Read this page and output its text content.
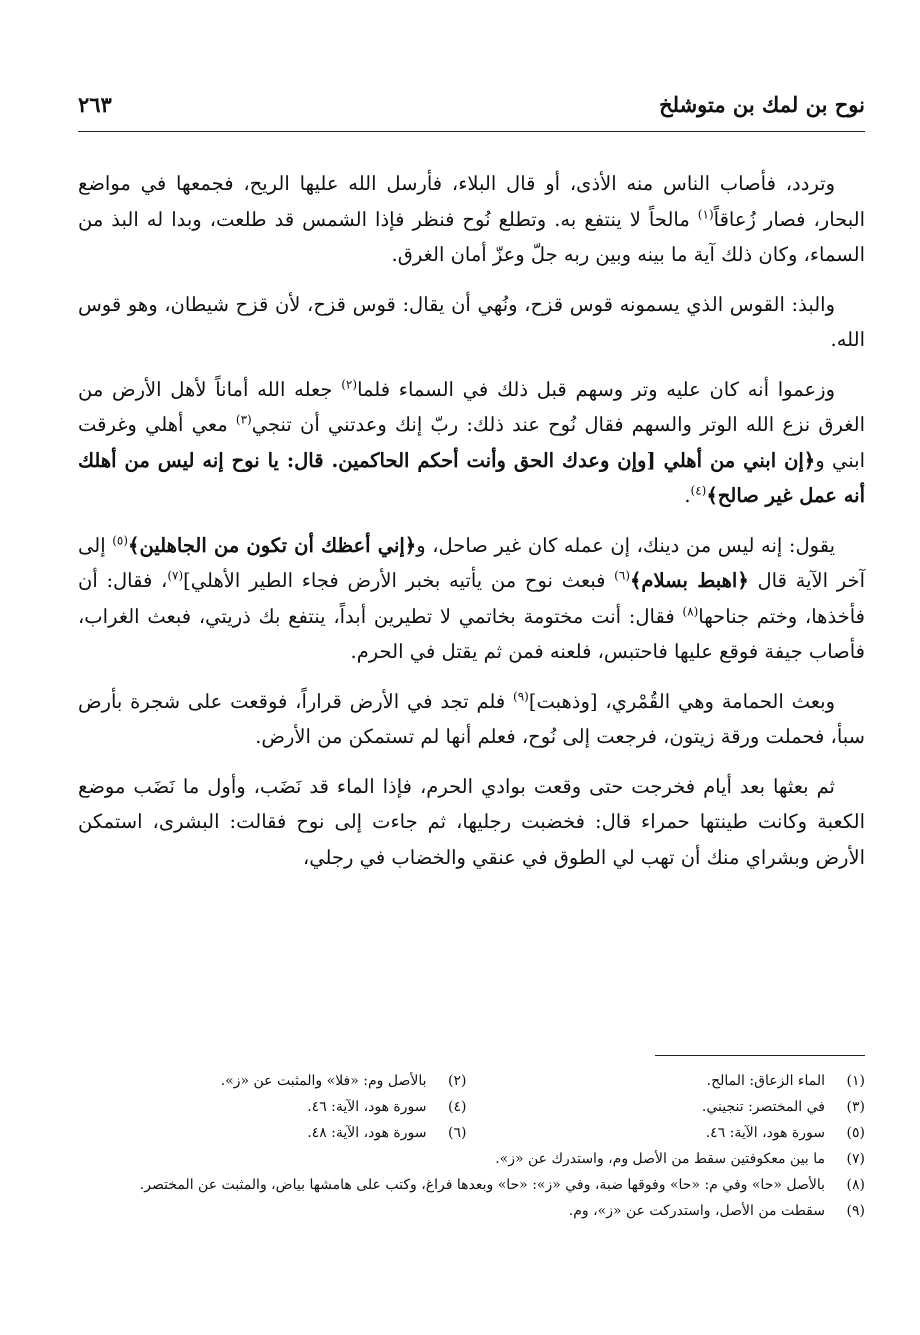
نوح بن لمك بن متوشلخ
٢٦٣

وتردد، فأصاب الناس منه الأذى، أو قال البلاء، فأرسل الله عليها الريح، فجمعها في مواضع البحار، فصار زُعاقاً$^{(١)}$ مالحاً لا ينتفع به. وتطلع نُوح فنظر فإذا الشمس قد طلعت، وبدا له البذ من السماء، وكان ذلك آية ما بينه وبين ربه جلّ وعزّ أمان الغرق.

والبذ: القوس الذي يسمونه قوس قزح، ونُهي أن يقال: قوس قزح، لأن قزح شيطان، وهو قوس الله.

وزعموا أنه كان عليه وتر وسهم قبل ذلك في السماء فلما$^{(٢)}$ جعله الله أماناً لأهل الأرض من الغرق نزع الله الوتر والسهم فقال نُوح عند ذلك: ربّ إنك وعدتني أن تنجي$^{(٣)}$ معي أهلي وغرقت ابني و﴿إن ابني من أهلي [وإن وعدك الحق وأنت أحكم الحاكمين. قال: يا نوح إنه ليس من أهلك أنه عمل غير صالح﴾$^{(٤)}$.

يقول: إنه ليس من دينك، إن عمله كان غير صاحل، و﴿إني أعظك أن تكون من الجاهلين﴾$^{(٥)}$ إلى آخر الآية قال ﴿اهبط بسلام﴾$^{(٦)}$ فبعث نوح من يأتيه بخبر الأرض فجاء الطير الأهلي]$^{(٧)}$، فقال: أن فأخذها، وختم جناحها$^{(٨)}$ فقال: أنت مختومة بخاتمي لا تطيرين أبداً، ينتفع بك ذريتي، فبعث الغراب، فأصاب جيفة فوقع عليها فاحتبس، فلعنه فمن ثم يقتل في الحرم.

وبعث الحمامة وهي القُمْري، [وذهبت]$^{(٩)}$ فلم تجد في الأرض قراراً، فوقعت على شجرة بأرض سبأ، فحملت ورقة زيتون، فرجعت إلى نُوح، فعلم أنها لم تستمكن من الأرض.

ثم بعثها بعد أيام فخرجت حتى وقعت بوادي الحرم، فإذا الماء قد نَضَب، وأول ما نَضَب موضع الكعبة وكانت طينتها حمراء قال: فخضبت رجليها، ثم جاءت إلى نوح فقالت: البشرى، استمكن الأرض وبشراي منك أن تهب لي الطوق في عنقي والخضاب في رجلي،

(١)
الماء الزعاق: المالح.
(٢)
بالأصل وم: «فلا» والمثبت عن «ز».
(٣)
في المختصر: تنجيني.
(٤)
سورة هود، الآية: ٤٦.
(٥)
سورة هود، الآية: ٤٦.
(٦)
سورة هود، الآية: ٤٨.
(٧)
ما بين معكوفتين سقط من الأصل وم، واستدرك عن «ز».
(٨)
بالأصل «حا» وفي م: «حا» وفوقها ضبة، وفي «ز»: «حا» وبعدها فراغ، وكتب على هامشها بياض، والمثبت عن المختصر.
(٩)
سقطت من الأصل، واستدركت عن «ز»، وم.
